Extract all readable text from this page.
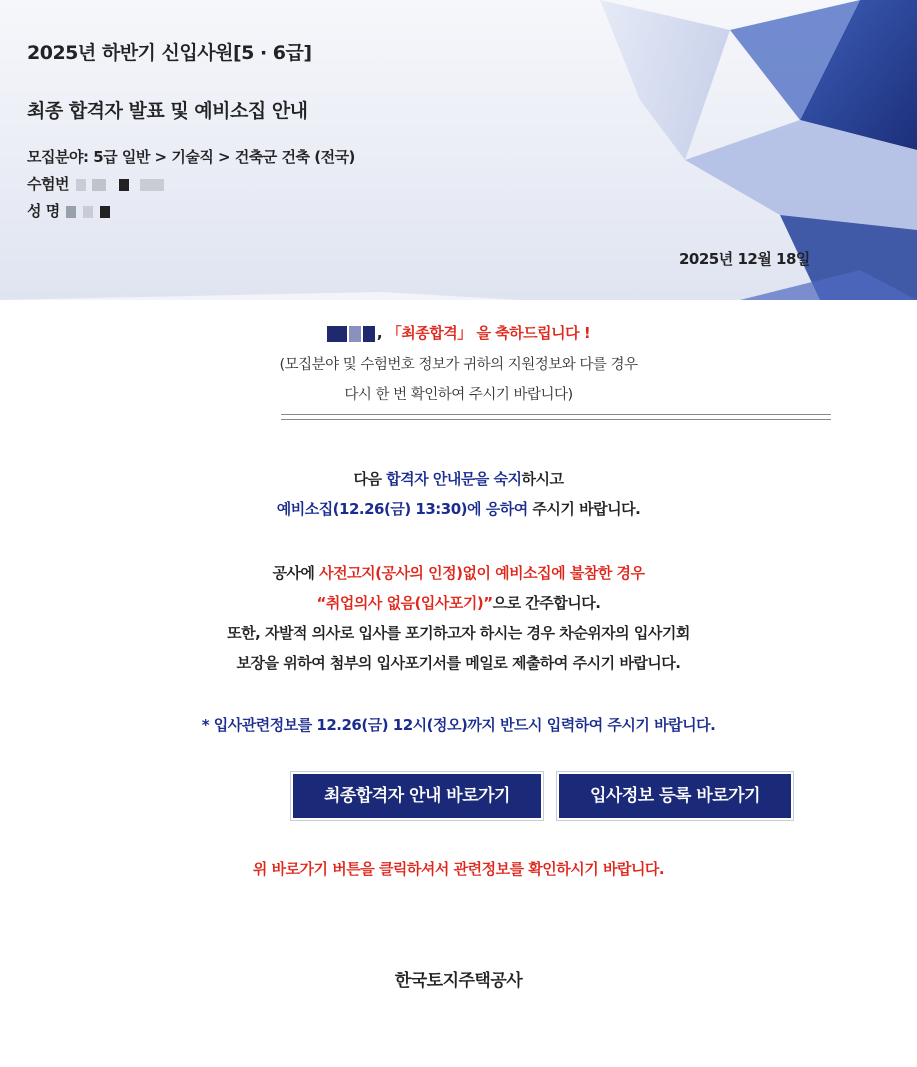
2025년 하반기 신입사원[5 · 6급]
최종 합격자 발표 및 예비소집 안내
모집분야: 5급 일반 > 기술직 > 건축군 건축 (전국)
수험번
성 명
2025년 12월 18일
, 「최종합격」 을 축하드립니다 !
(모집분야 및 수험번호 정보가 귀하의 지원정보와 다를 경우
다시 한 번 확인하여 주시기 바랍니다)
다음 합격자 안내문을 숙지하시고
예비소집(12.26(금) 13:30)에 응하여 주시기 바랍니다.
공사에 사전고지(공사의 인정)없이 예비소집에 불참한 경우
“취업의사 없음(입사포기)”으로 간주합니다.
또한, 자발적 의사로 입사를 포기하고자 하시는 경우 차순위자의 입사기회
보장을 위하여 첨부의 입사포기서를 메일로 제출하여 주시기 바랍니다.
* 입사관련정보를 12.26(금) 12시(정오)까지 반드시 입력하여 주시기 바랍니다.
최종합격자 안내 바로가기	입사정보 등록 바로가기
위 바로가기 버튼을 클릭하셔서 관련정보를 확인하시기 바랍니다.
한국토지주택공사
